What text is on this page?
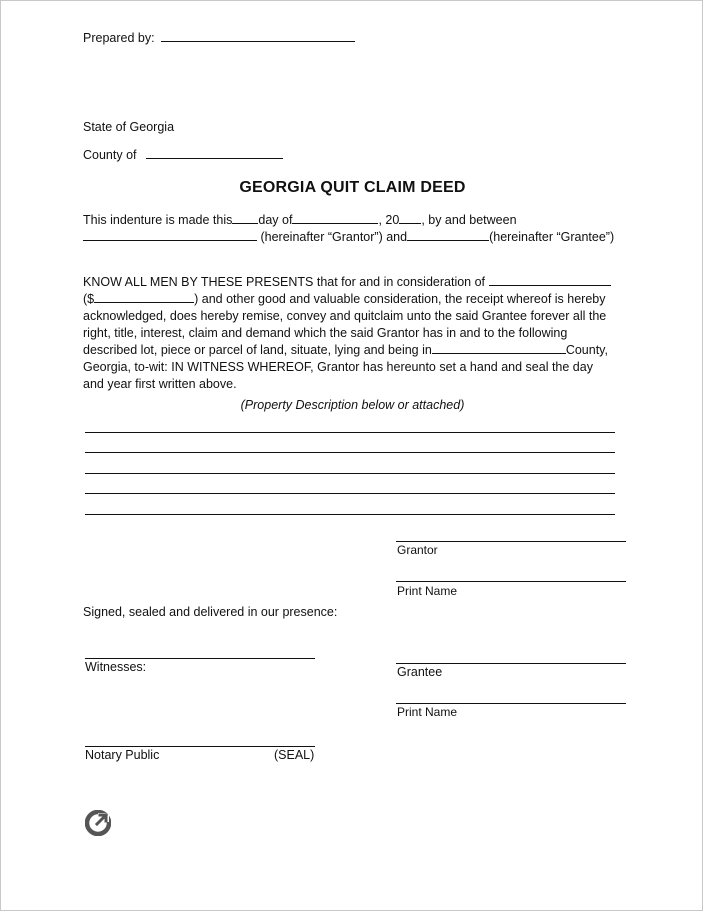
Prepared by:
State of Georgia
County of
GEORGIA QUIT CLAIM DEED
This indenture is made this day of	, 20 , by and between
(hereinafter “Grantor”) and	(hereinafter “Grantee”)
KNOW ALL MEN BY THESE PRESENTS that for and in consideration of
($	) and other good and valuable consideration, the receipt whereof is hereby
acknowledged, does hereby remise, convey and quitclaim unto the said Grantee forever all the
right, title, interest, claim and demand which the said Grantor has in and to the following
described lot, piece or parcel of land, situate, lying and being in	County,
Georgia, to-wit: IN WITNESS WHEREOF, Grantor has hereunto set a hand and seal the day
and year first written above.
(Property Description below or attached)
Grantor
Print Name
Signed, sealed and delivered in our presence:
Witnesses:	Grantee
Print Name
Notary Public	(SEAL)
